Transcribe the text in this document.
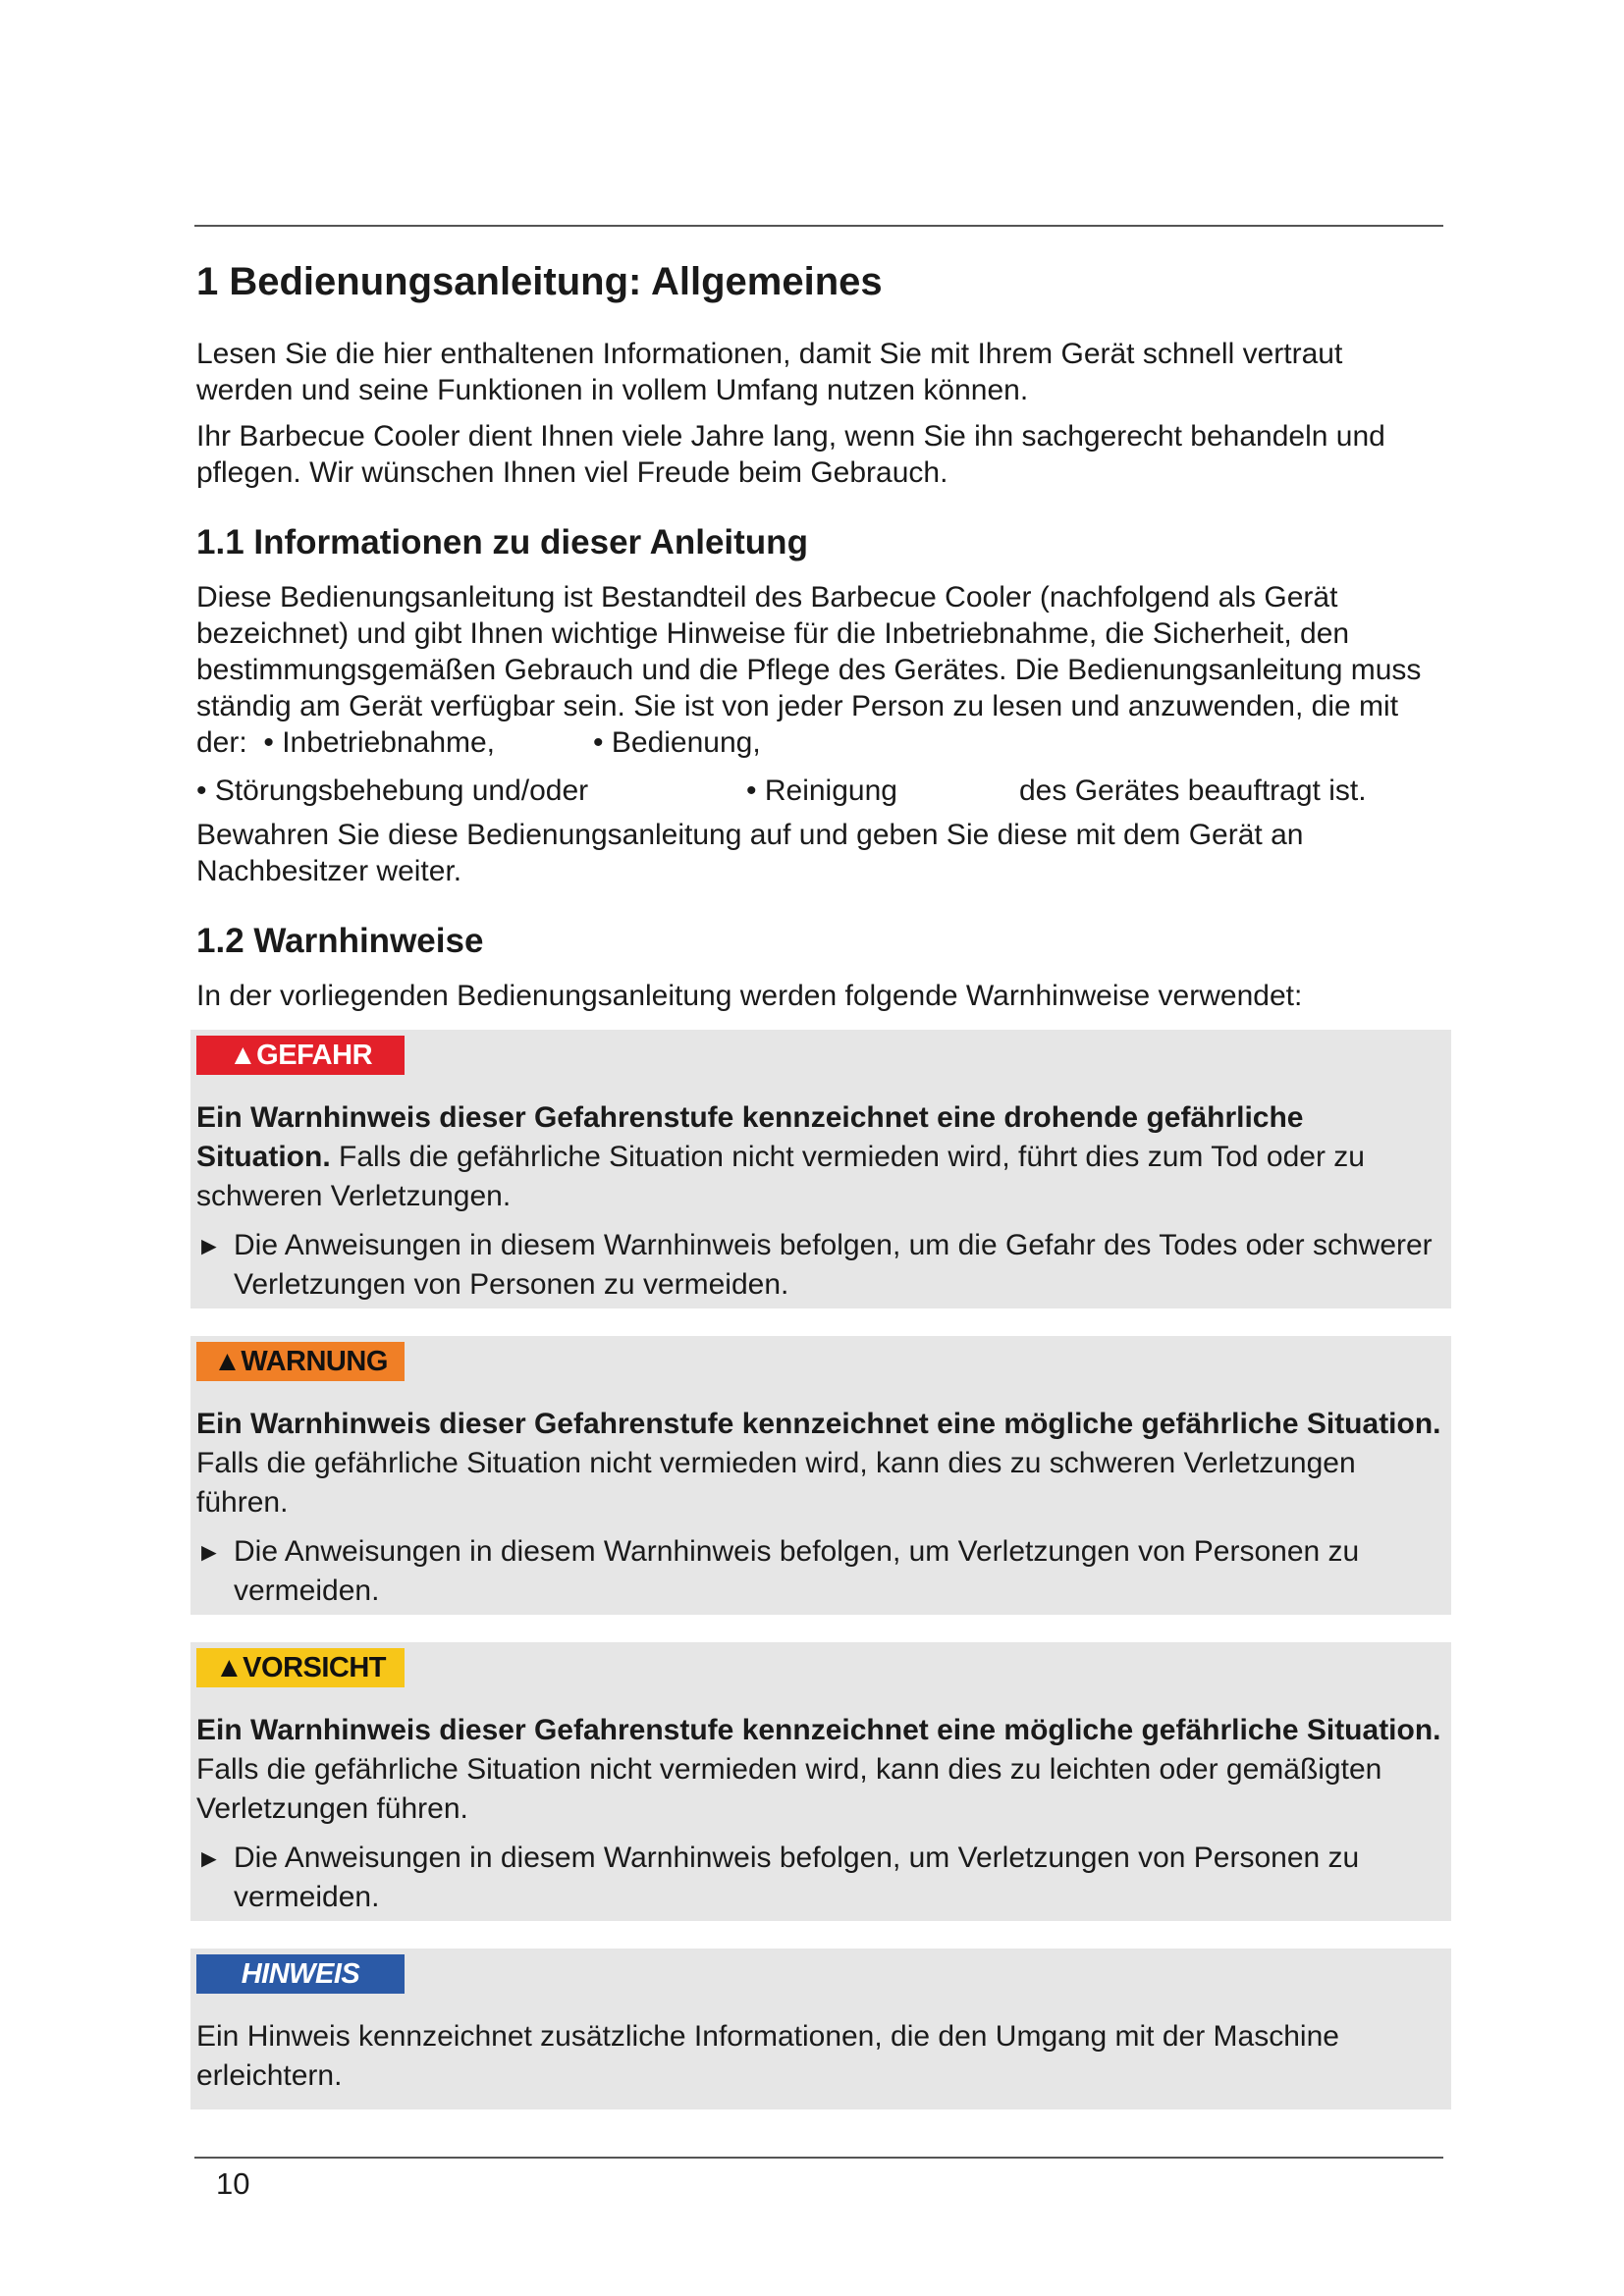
1 Bedienungsanleitung: Allgemeines

Lesen Sie die hier enthaltenen Informationen, damit Sie mit Ihrem Gerät schnell vertraut werden und seine Funktionen in vollem Umfang nutzen können.

Ihr Barbecue Cooler dient Ihnen viele Jahre lang, wenn Sie ihn sachgerecht behandeln und pflegen. Wir wünschen Ihnen viel Freude beim Gebrauch.

1.1 Informationen zu dieser Anleitung

Diese Bedienungsanleitung ist Bestandteil des Barbecue Cooler (nachfolgend als Gerät bezeichnet) und gibt Ihnen wichtige Hinweise für die Inbetriebnahme, die Sicherheit, den bestimmungsgemäßen Gebrauch und die Pflege des Gerätes. Die Bedienungsanleitung muss ständig am Gerät verfügbar sein. Sie ist von jeder Person zu lesen und anzuwenden, die mit der:  • Inbetriebnahme,            • Bedienung,

• Störungsbehebung und/oder	• Reinigung	des Gerätes beauftragt ist.

Bewahren Sie diese Bedienungsanleitung auf und geben Sie diese mit dem Gerät an Nachbesitzer weiter.

1.2 Warnhinweise

In der vorliegenden Bedienungsanleitung werden folgende Warnhinweise verwendet:

▲GEFAHR
Ein Warnhinweis dieser Gefahrenstufe kennzeichnet eine drohende gefährliche Situation. Falls die gefährliche Situation nicht vermieden wird, führt dies zum Tod oder zu schweren Verletzungen.
► Die Anweisungen in diesem Warnhinweis befolgen, um die Gefahr des Todes oder schwerer Verletzungen von Personen zu vermeiden.
▲WARNUNG
Ein Warnhinweis dieser Gefahrenstufe kennzeichnet eine mögliche gefährliche Situation. Falls die gefährliche Situation nicht vermieden wird, kann dies zu schweren Verletzungen führen.
► Die Anweisungen in diesem Warnhinweis befolgen, um Verletzungen von Personen zu vermeiden.
▲VORSICHT
Ein Warnhinweis dieser Gefahrenstufe kennzeichnet eine mögliche gefährliche Situation. Falls die gefährliche Situation nicht vermieden wird, kann dies zu leichten oder gemäßigten Verletzungen führen.
► Die Anweisungen in diesem Warnhinweis befolgen, um Verletzungen von Personen zu vermeiden.
HINWEIS
Ein Hinweis kennzeichnet zusätzliche Informationen, die den Umgang mit der Maschine erleichtern.
10
